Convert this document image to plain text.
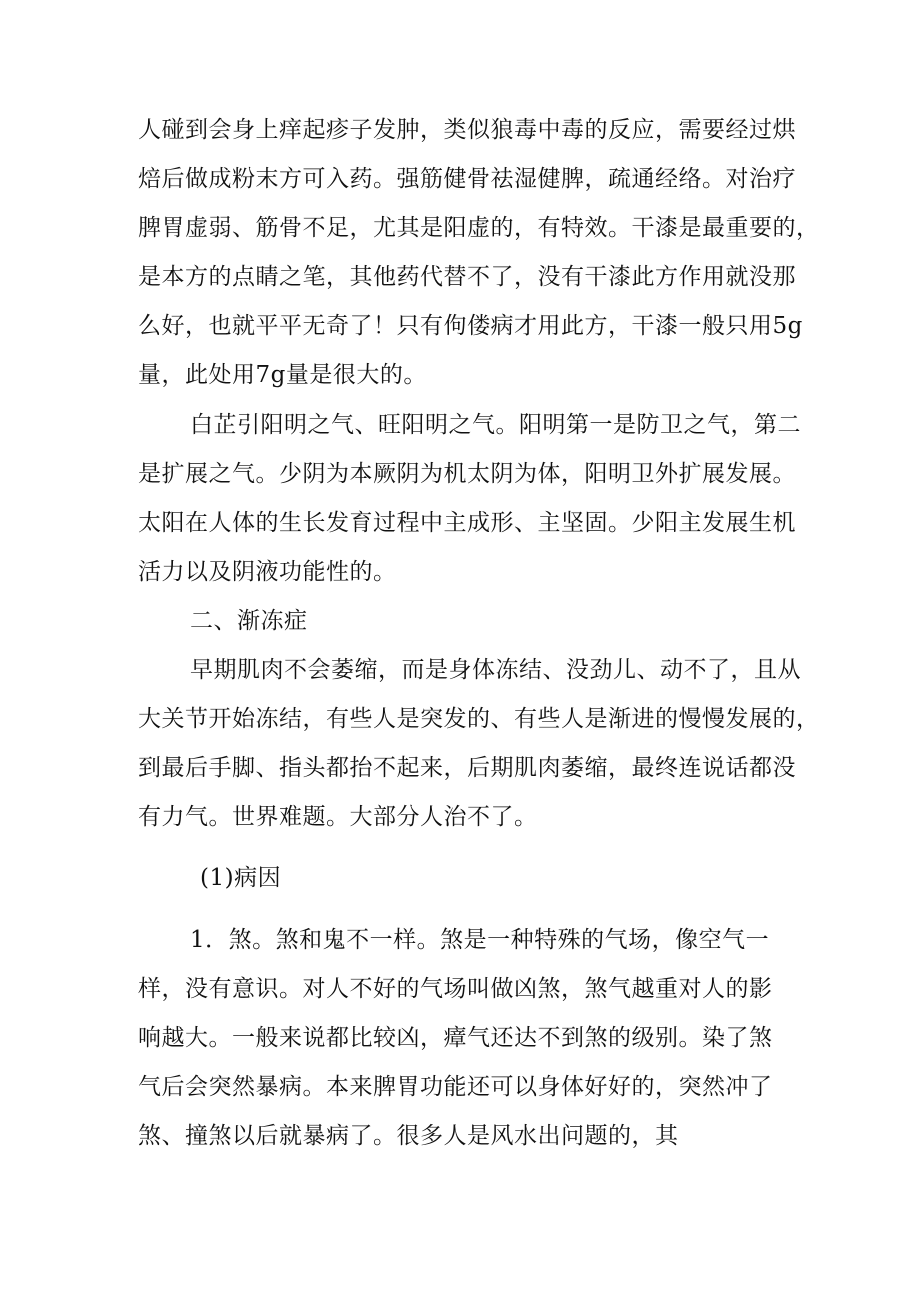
人碰到会身上痒起疹子发肿，类似狼毒中毒的反应，需要经过烘
焙后做成粉末方可入药。强筋健骨祛湿健脾，疏通经络。对治疗
脾胃虚弱、筋骨不足，尤其是阳虚的，有特效。干漆是最重要的，
是本方的点睛之笔，其他药代替不了，没有干漆此方作用就没那
么好，也就平平无奇了！只有佝偻病才用此方，干漆一般只用5g
量，此处用7g量是很大的。
白芷引阳明之气、旺阳明之气。阳明第一是防卫之气，第二
是扩展之气。少阴为本厥阴为机太阴为体，阳明卫外扩展发展。
太阳在人体的生长发育过程中主成形、主坚固。少阳主发展生机
活力以及阴液功能性的。
二、渐冻症
早期肌肉不会萎缩，而是身体冻结、没劲儿、动不了，且从
大关节开始冻结，有些人是突发的、有些人是渐进的慢慢发展的，
到最后手脚、指头都抬不起来，后期肌肉萎缩，最终连说话都没
有力气。世界难题。大部分人治不了。
(1)病因
1．煞。煞和鬼不一样。煞是一种特殊的气场，像空气一
样，没有意识。对人不好的气场叫做凶煞，煞气越重对人的影
响越大。一般来说都比较凶，瘴气还达不到煞的级别。染了煞
气后会突然暴病。本来脾胃功能还可以身体好好的，突然冲了
煞、撞煞以后就暴病了。很多人是风水出问题的，其
